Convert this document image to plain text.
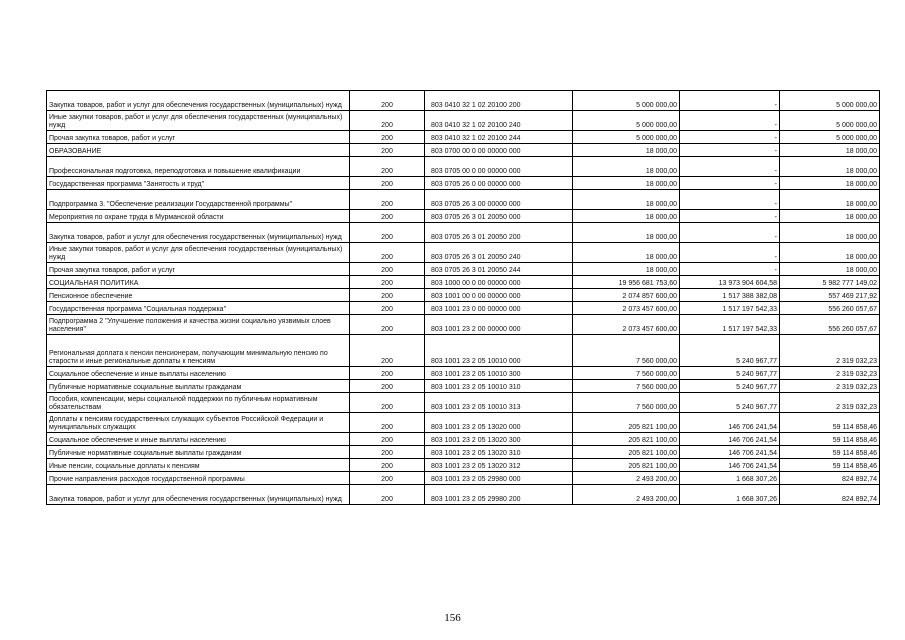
Закупка товаров, работ и услуг для обеспечения государственных (муниципальных) нужд	200	803 0410 32 1 02 20100 200	5 000 000,00	-	5 000 000,00
Иные закупки товаров, работ и услуг для обеспечения государственных (муниципальных) нужд	200	803 0410 32 1 02 20100 240	5 000 000,00	-	5 000 000,00
Прочая закупка товаров, работ и услуг	200	803 0410 32 1 02 20100 244	5 000 000,00	-	5 000 000,00
ОБРАЗОВАНИЕ	200	803 0700 00 0 00 00000 000	18 000,00	-	18 000,00
Профессиональная подготовка, переподготовка и повышение квалификации	200	803 0705 00 0 00 00000 000	18 000,00	-	18 000,00
Государственная программа "Занятость и труд"	200	803 0705 26 0 00 00000 000	18 000,00	-	18 000,00
Подпрограмма 3. "Обеспечение реализации Государственной программы"	200	803 0705 26 3 00 00000 000	18 000,00	-	18 000,00
Мероприятия по охране труда в Мурманской области	200	803 0705 26 3 01 20050 000	18 000,00	-	18 000,00
Закупка товаров, работ и услуг для обеспечения государственных (муниципальных) нужд	200	803 0705 26 3 01 20050 200	18 000,00	-	18 000,00
Иные закупки товаров, работ и услуг для обеспечения государственных (муниципальных) нужд	200	803 0705 26 3 01 20050 240	18 000,00	-	18 000,00
Прочая закупка товаров, работ и услуг	200	803 0705 26 3 01 20050 244	18 000,00	-	18 000,00
СОЦИАЛЬНАЯ ПОЛИТИКА	200	803 1000 00 0 00 00000 000	19 956 681 753,60	13 973 904 604,58	5 982 777 149,02
Пенсионное обеспечение	200	803 1001 00 0 00 00000 000	2 074 857 600,00	1 517 388 382,08	557 469 217,92
Государственная программа "Социальная поддержка"	200	803 1001 23 0 00 00000 000	2 073 457 600,00	1 517 197 542,33	556 260 057,67
Подпрограмма 2 "Улучшение положения и качества жизни социально уязвимых слоев населения"	200	803 1001 23 2 00 00000 000	2 073 457 600,00	1 517 197 542,33	556 260 057,67
Региональная доплата к пенсии пенсионерам, получающим минимальную пенсию по старости и иные региональные доплаты к пенсиям	200	803 1001 23 2 05 10010 000	7 560 000,00	5 240 967,77	2 319 032,23
Социальное обеспечение и иные выплаты населению	200	803 1001 23 2 05 10010 300	7 560 000,00	5 240 967,77	2 319 032,23
Публичные нормативные социальные выплаты гражданам	200	803 1001 23 2 05 10010 310	7 560 000,00	5 240 967,77	2 319 032,23
Пособия, компенсации, меры социальной поддержки по публичным нормативным обязательствам	200	803 1001 23 2 05 10010 313	7 560 000,00	5 240 967,77	2 319 032,23
Доплаты к пенсиям государственных служащих субъектов Российской Федерации и муниципальных служащих	200	803 1001 23 2 05 13020 000	205 821 100,00	146 706 241,54	59 114 858,46
Социальное обеспечение и иные выплаты населению	200	803 1001 23 2 05 13020 300	205 821 100,00	146 706 241,54	59 114 858,46
Публичные нормативные социальные выплаты гражданам	200	803 1001 23 2 05 13020 310	205 821 100,00	146 706 241,54	59 114 858,46
Иные пенсии, социальные доплаты к пенсиям	200	803 1001 23 2 05 13020 312	205 821 100,00	146 706 241,54	59 114 858,46
Прочие направления расходов государственной программы	200	803 1001 23 2 05 29980 000	2 493 200,00	1 668 307,26	824 892,74
Закупка товаров, работ и услуг для обеспечения государственных (муниципальных) нужд	200	803 1001 23 2 05 29980 200	2 493 200,00	1 668 307,26	824 892,74
156
